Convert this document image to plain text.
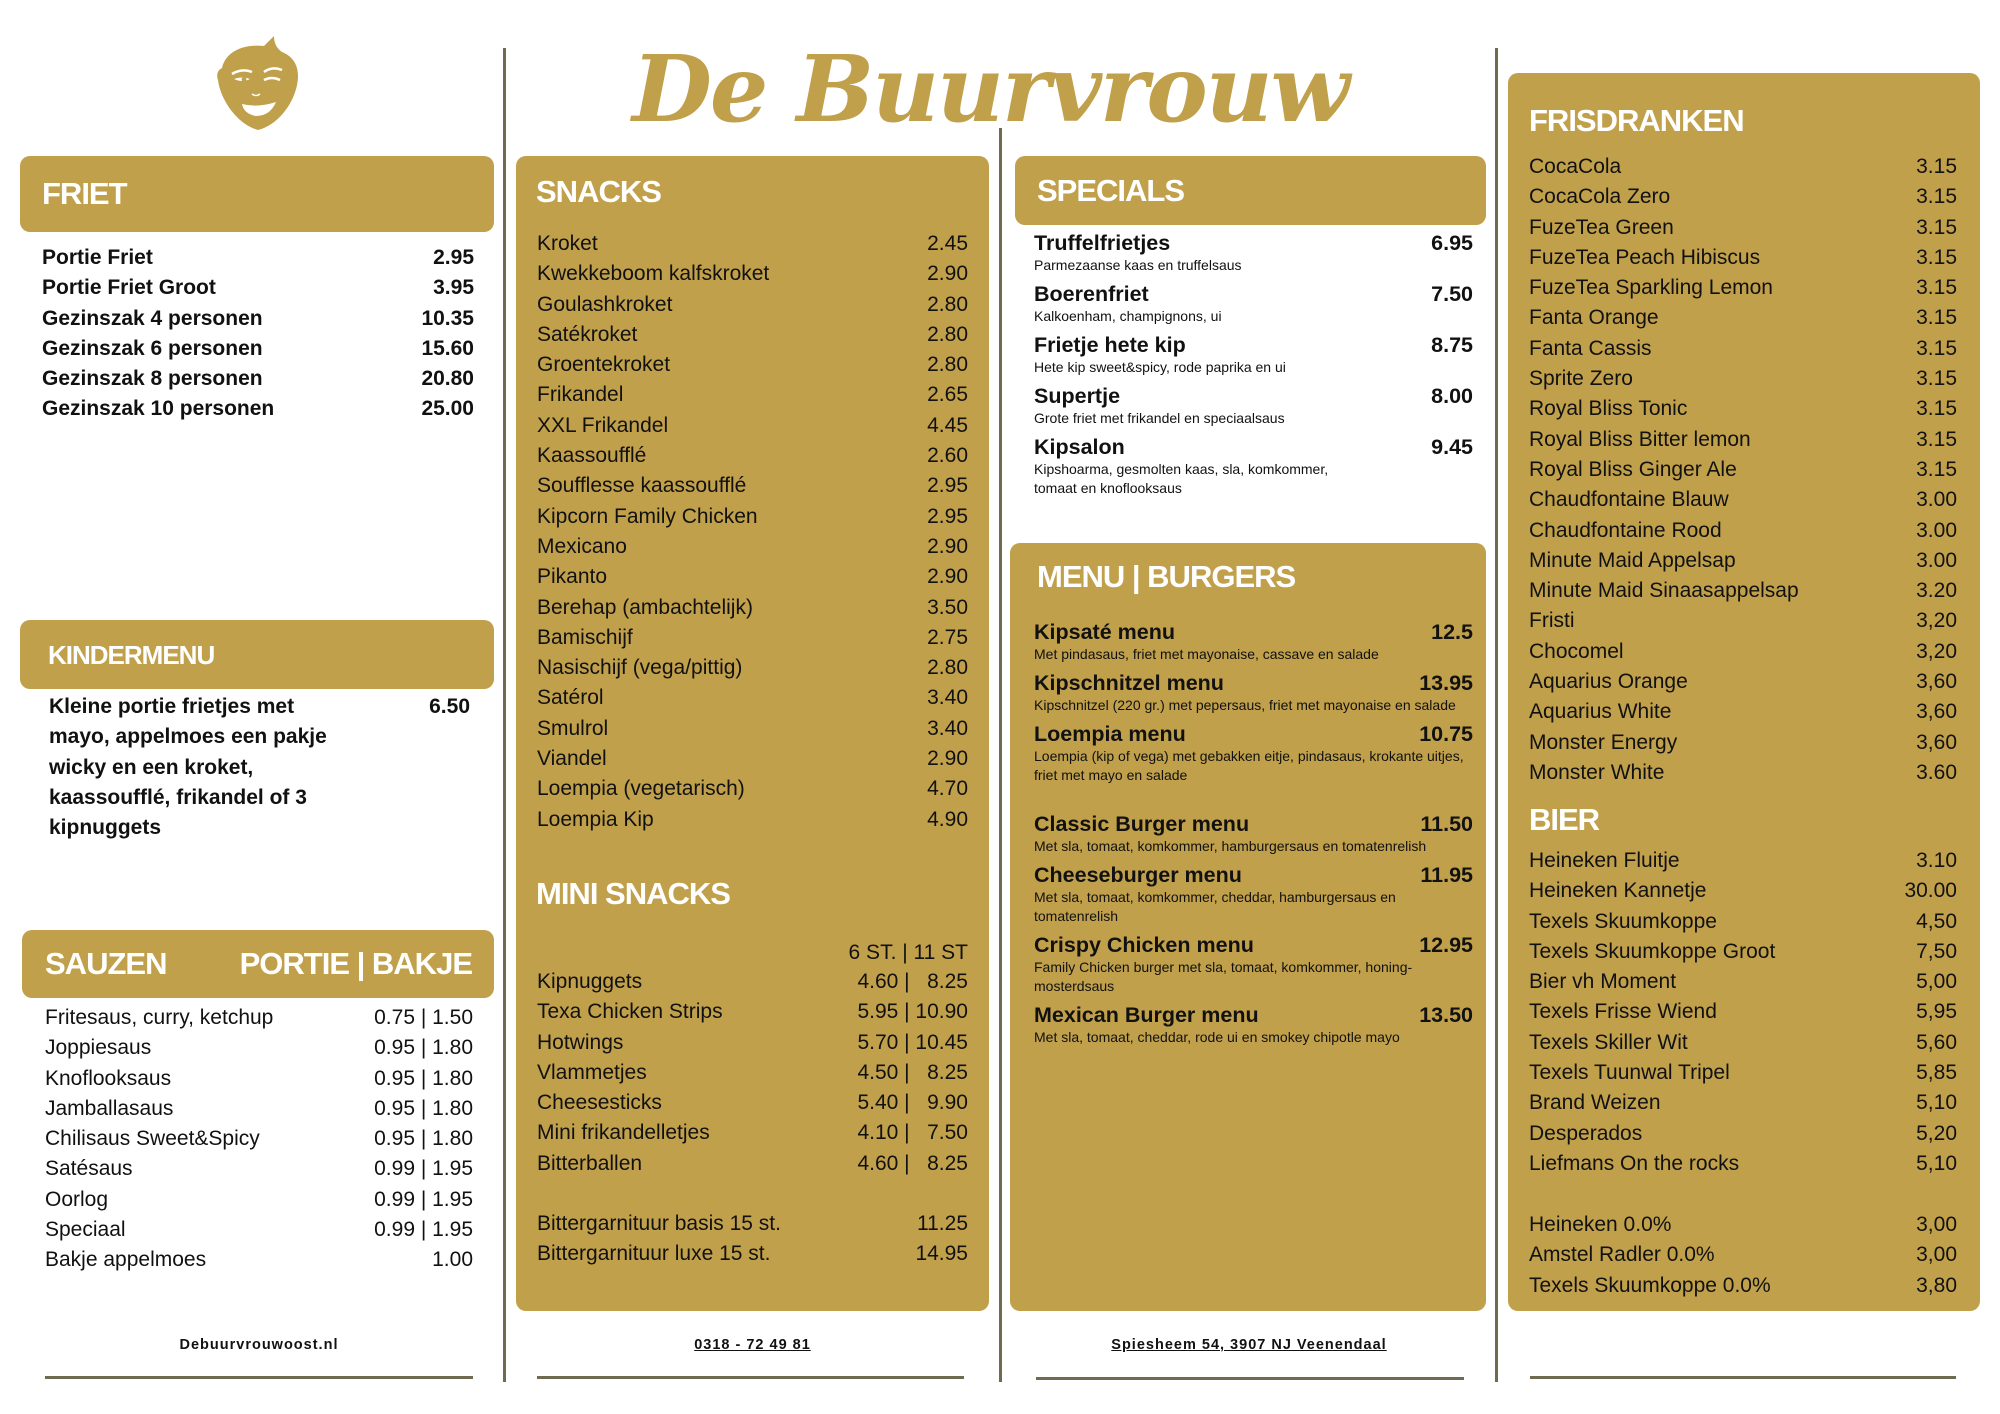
De Buurvrouw
FRIET
Portie Friet	2.95
Portie Friet Groot	3.95
Gezinszak 4 personen	10.35
Gezinszak 6 personen	15.60
Gezinszak 8 personen	20.80
Gezinszak 10 personen	25.00
KINDERMENU
Kleine portie frietjes met
mayo, appelmoes een pakje
wicky en een kroket,
kaassoufflé, frikandel of 3
kipnuggets
6.50
SAUZEN PORTIE | BAKJE
Fritesaus, curry, ketchup	0.75 | 1.50
Joppiesaus	0.95 | 1.80
Knoflooksaus	0.95 | 1.80
Jamballasaus	0.95 | 1.80
Chilisaus Sweet&Spicy	0.95 | 1.80
Satésaus	0.99 | 1.95
Oorlog	0.99 | 1.95
Speciaal	0.99 | 1.95
Bakje appelmoes	1.00
Debuurvrouwoost.nl
SNACKS
Kroket	2.45
Kwekkeboom kalfskroket	2.90
Goulashkroket	2.80
Satékroket	2.80
Groentekroket	2.80
Frikandel	2.65
XXL Frikandel	4.45
Kaassoufflé	2.60
Soufflesse kaassoufflé	2.95
Kipcorn Family Chicken	2.95
Mexicano	2.90
Pikanto	2.90
Berehap (ambachtelijk)	3.50
Bamischijf	2.75
Nasischijf (vega/pittig)	2.80
Satérol	3.40
Smulrol	3.40
Viandel	2.90
Loempia (vegetarisch)	4.70
Loempia Kip	4.90
MINI SNACKS
6 ST. | 11 ST
Kipnuggets	4.60 |   8.25
Texa Chicken Strips	5.95 | 10.90
Hotwings	5.70 | 10.45
Vlammetjes	4.50 |   8.25
Cheesesticks	5.40 |   9.90
Mini frikandelletjes	4.10 |   7.50
Bitterballen	4.60 |   8.25
Bittergarnituur basis 15 st.	11.25
Bittergarnituur luxe 15 st.	14.95
0318 - 72 49 81
SPECIALS
Truffelfrietjes	6.95
Parmezaanse kaas en truffelsaus
Boerenfriet	7.50
Kalkoenham, champignons, ui
Frietje hete kip	8.75
Hete kip sweet&spicy, rode paprika en ui
Supertje	8.00
Grote friet met frikandel en speciaalsaus
Kipsalon	9.45
Kipshoarma, gesmolten kaas, sla, komkommer, tomaat en knoflooksaus
MENU | BURGERS
Kipsaté menu	12.5
Met pindasaus, friet met mayonaise, cassave en salade
Kipschnitzel menu	13.95
Kipschnitzel (220 gr.) met pepersaus, friet met mayonaise en salade
Loempia menu	10.75
Loempia (kip of vega) met gebakken eitje, pindasaus, krokante uitjes, friet met mayo en salade
Classic Burger menu	11.50
Met sla, tomaat, komkommer, hamburgersaus en tomatenrelish
Cheeseburger menu	11.95
Met sla, tomaat, komkommer, cheddar, hamburgersaus en tomatenrelish
Crispy Chicken menu	12.95
Family Chicken burger met sla, tomaat, komkommer, honing-mosterdsaus
Mexican Burger menu	13.50
Met sla, tomaat, cheddar, rode ui en smokey chipotle mayo
Spiesheem 54, 3907 NJ Veenendaal
FRISDRANKEN
CocaCola	3.15
CocaCola Zero	3.15
FuzeTea Green	3.15
FuzeTea Peach Hibiscus	3.15
FuzeTea Sparkling Lemon	3.15
Fanta Orange	3.15
Fanta Cassis	3.15
Sprite Zero	3.15
Royal Bliss Tonic	3.15
Royal Bliss Bitter lemon	3.15
Royal Bliss Ginger Ale	3.15
Chaudfontaine Blauw	3.00
Chaudfontaine Rood	3.00
Minute Maid Appelsap	3.00
Minute Maid Sinaasappelsap	3.20
Fristi	3,20
Chocomel	3,20
Aquarius Orange	3,60
Aquarius White	3,60
Monster Energy	3,60
Monster White	3.60
BIER
Heineken Fluitje	3.10
Heineken Kannetje	30.00
Texels Skuumkoppe	4,50
Texels Skuumkoppe Groot	7,50
Bier vh Moment	5,00
Texels Frisse Wiend	5,95
Texels Skiller Wit	5,60
Texels Tuunwal Tripel	5,85
Brand Weizen	5,10
Desperados	5,20
Liefmans On the rocks	5,10
Heineken 0.0%	3,00
Amstel Radler 0.0%	3,00
Texels Skuumkoppe 0.0%	3,80
